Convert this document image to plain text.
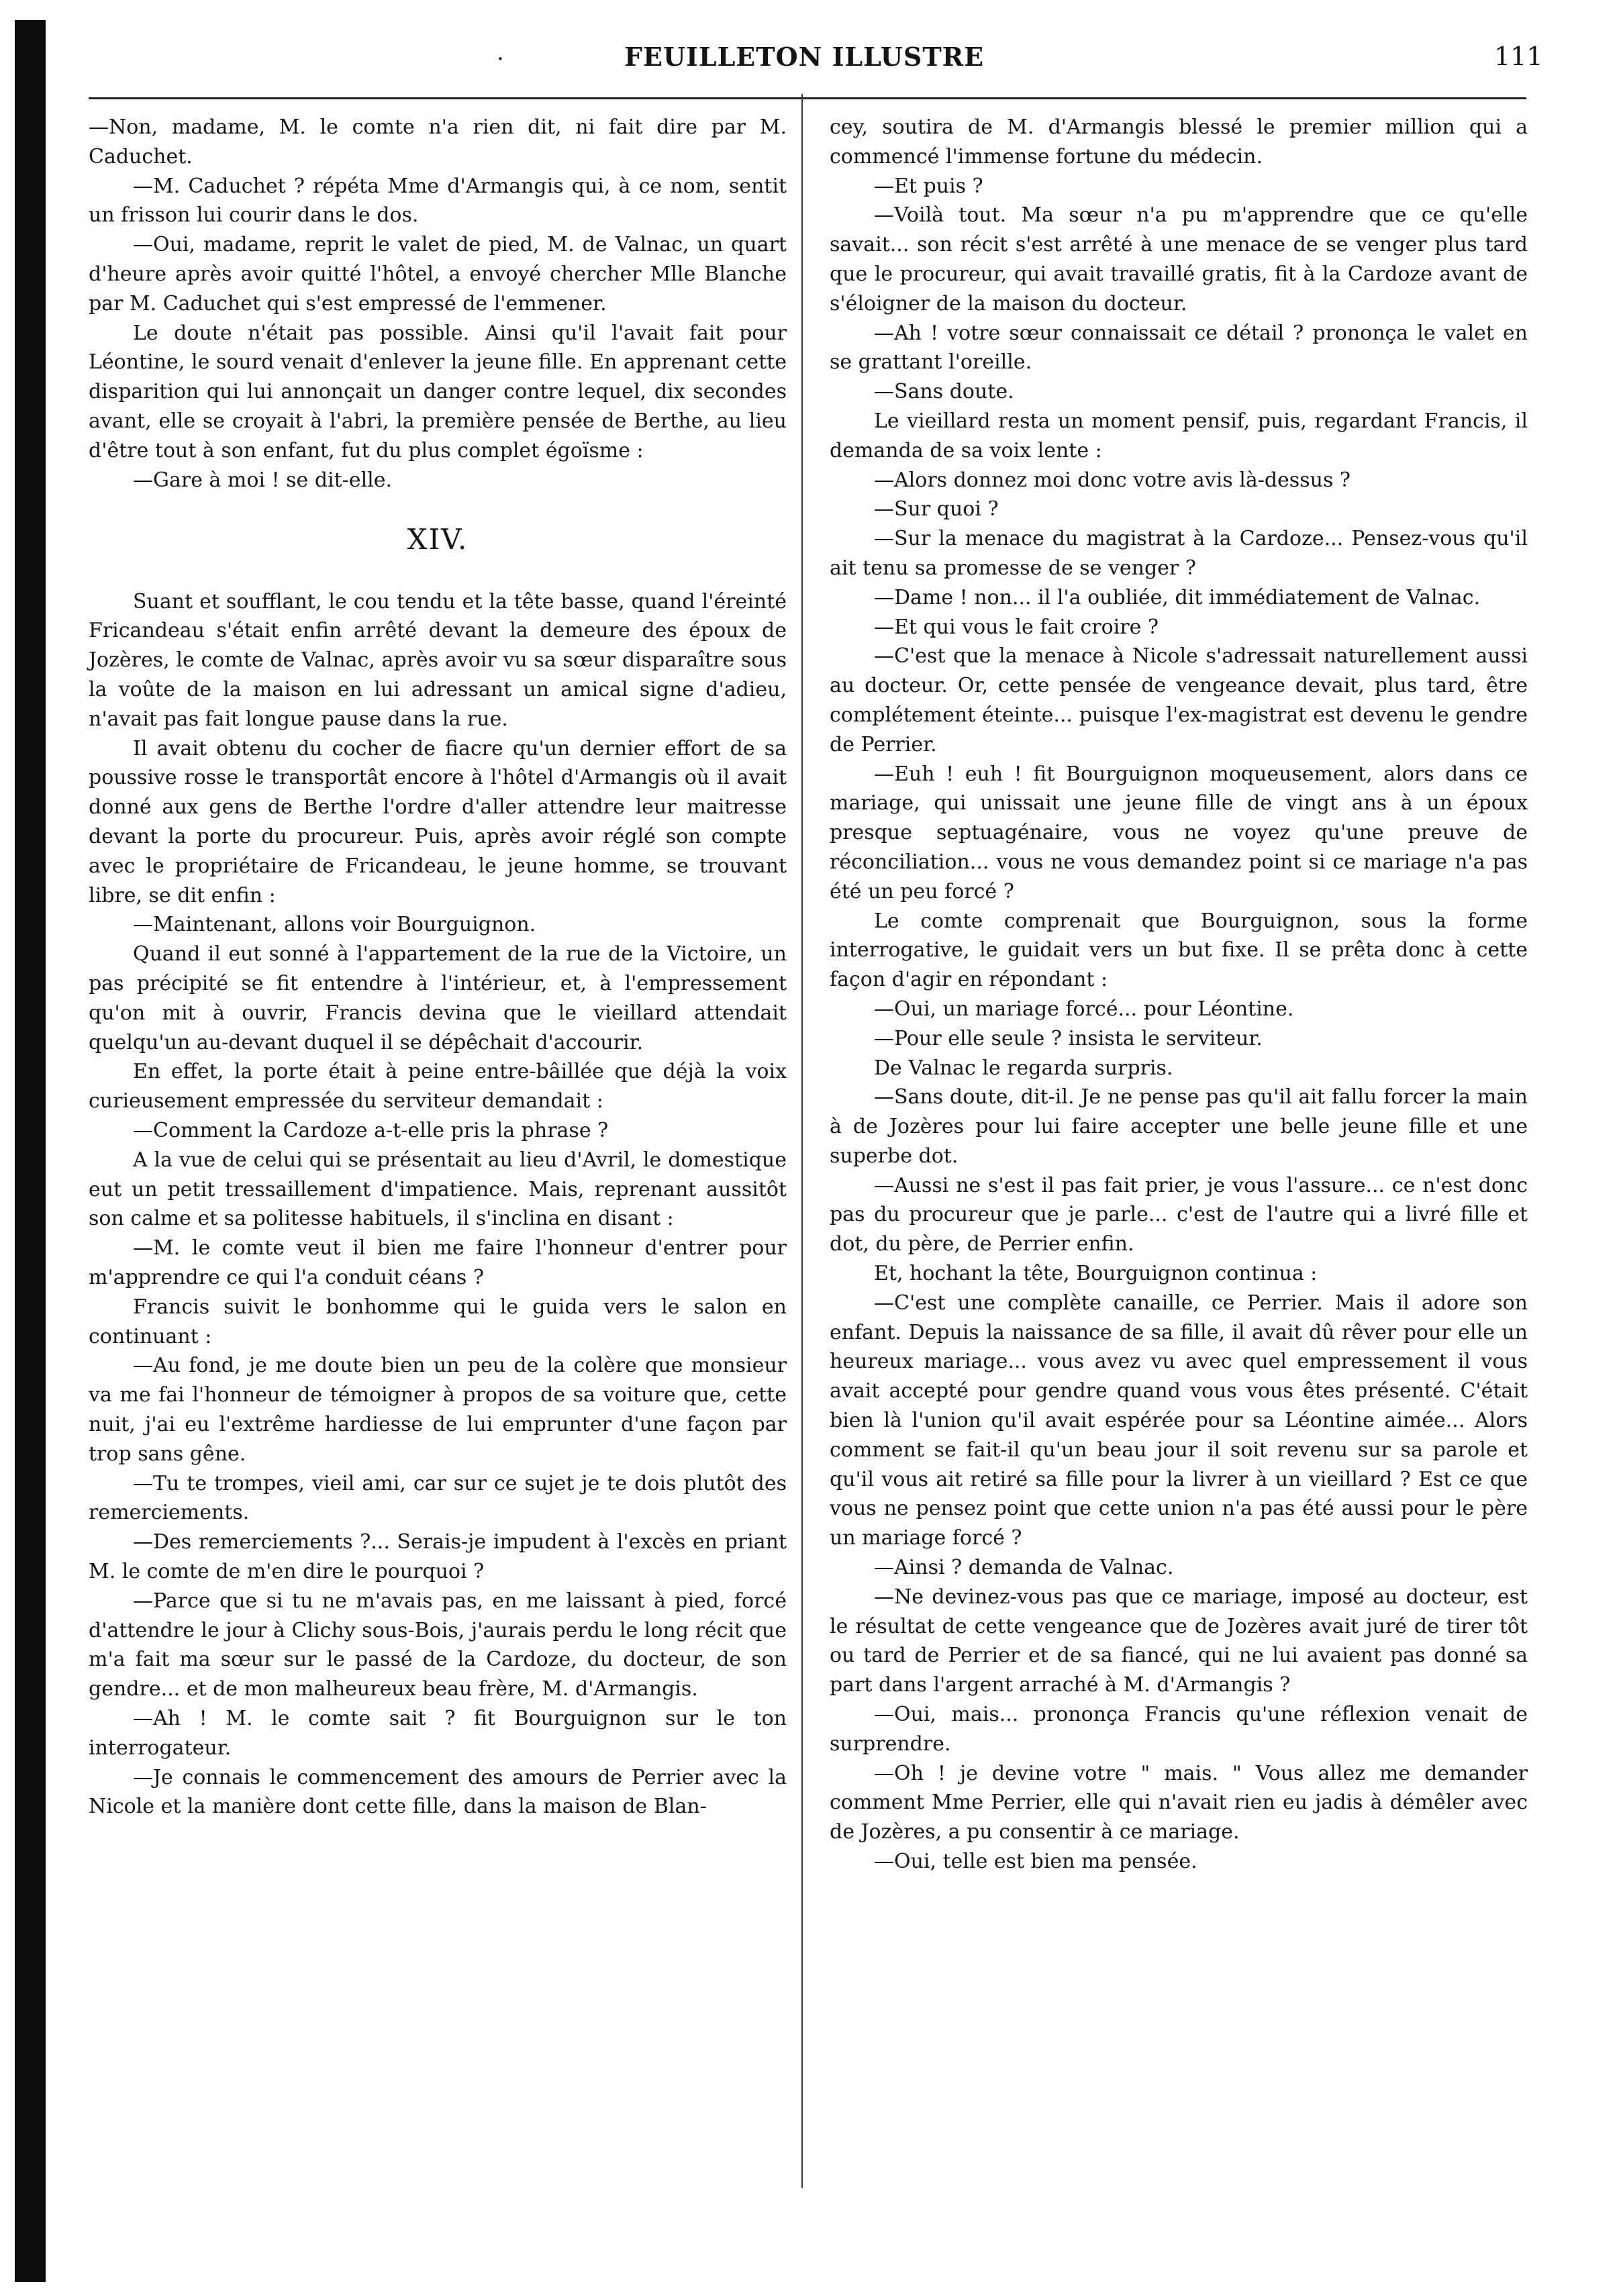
·	FEUILLETON ILLUSTRE	111

—Non, madame, M. le comte n'a rien dit, ni fait dire par M. Caduchet.

—M. Caduchet ? répéta Mme d'Armangis qui, à ce nom, sentit un frisson lui courir dans le dos.

—Oui, madame, reprit le valet de pied, M. de Valnac, un quart d'heure après avoir quitté l'hôtel, a envoyé chercher Mlle Blanche par M. Caduchet qui s'est empressé de l'emmener.

Le doute n'était pas possible. Ainsi qu'il l'avait fait pour Léontine, le sourd venait d'enlever la jeune fille. En apprenant cette disparition qui lui annonçait un danger contre lequel, dix secondes avant, elle se croyait à l'abri, la première pensée de Berthe, au lieu d'être tout à son enfant, fut du plus complet égoïsme :

—Gare à moi ! se dit-elle.

XIV.

Suant et soufflant, le cou tendu et la tête basse, quand l'éreinté Fricandeau s'était enfin arrêté devant la demeure des époux de Jozères, le comte de Valnac, après avoir vu sa sœur disparaître sous la voûte de la maison en lui adressant un amical signe d'adieu, n'avait pas fait longue pause dans la rue.

Il avait obtenu du cocher de fiacre qu'un dernier effort de sa poussive rosse le transportât encore à l'hôtel d'Armangis où il avait donné aux gens de Berthe l'ordre d'aller attendre leur maitresse devant la porte du procureur. Puis, après avoir réglé son compte avec le propriétaire de Fricandeau, le jeune homme, se trouvant libre, se dit enfin :

—Maintenant, allons voir Bourguignon.

Quand il eut sonné à l'appartement de la rue de la Victoire, un pas précipité se fit entendre à l'intérieur, et, à l'empressement qu'on mit à ouvrir, Francis devina que le vieillard attendait quelqu'un au-devant duquel il se dépêchait d'accourir.

En effet, la porte était à peine entre-bâillée que déjà la voix curieusement empressée du serviteur demandait :

—Comment la Cardoze a-t-elle pris la phrase ?

A la vue de celui qui se présentait au lieu d'Avril, le domestique eut un petit tressaillement d'impatience. Mais, reprenant aussitôt son calme et sa politesse habituels, il s'inclina en disant :

—M. le comte veut il bien me faire l'honneur d'entrer pour m'apprendre ce qui l'a conduit céans ?

Francis suivit le bonhomme qui le guida vers le salon en continuant :

—Au fond, je me doute bien un peu de la colère que monsieur va me fai l'honneur de témoigner à propos de sa voiture que, cette nuit, j'ai eu l'extrême hardiesse de lui emprunter d'une façon par trop sans gêne.

—Tu te trompes, vieil ami, car sur ce sujet je te dois plutôt des remerciements.

—Des remerciements ?... Serais-je impudent à l'excès en priant M. le comte de m'en dire le pourquoi ?

—Parce que si tu ne m'avais pas, en me laissant à pied, forcé d'attendre le jour à Clichy sous-Bois, j'aurais perdu le long récit que m'a fait ma sœur sur le passé de la Cardoze, du docteur, de son gendre... et de mon malheureux beau frère, M. d'Armangis.

—Ah ! M. le comte sait ? fit Bourguignon sur le ton interrogateur.

—Je connais le commencement des amours de Perrier avec la Nicole et la manière dont cette fille, dans la maison de Blan-

cey, soutira de M. d'Armangis blessé le premier million qui a commencé l'immense fortune du médecin.

—Et puis ?

—Voilà tout. Ma sœur n'a pu m'apprendre que ce qu'elle savait... son récit s'est arrêté à une menace de se venger plus tard que le procureur, qui avait travaillé gratis, fit à la Cardoze avant de s'éloigner de la maison du docteur.

—Ah ! votre sœur connaissait ce détail ? prononça le valet en se grattant l'oreille.

—Sans doute.

Le vieillard resta un moment pensif, puis, regardant Francis, il demanda de sa voix lente :

—Alors donnez moi donc votre avis là-dessus ?

—Sur quoi ?

—Sur la menace du magistrat à la Cardoze... Pensez-vous qu'il ait tenu sa promesse de se venger ?

—Dame ! non... il l'a oubliée, dit immédiatement de Valnac.

—Et qui vous le fait croire ?

—C'est que la menace à Nicole s'adressait naturellement aussi au docteur. Or, cette pensée de vengeance devait, plus tard, être complétement éteinte... puisque l'ex-magistrat est devenu le gendre de Perrier.

—Euh ! euh ! fit Bourguignon moqueusement, alors dans ce mariage, qui unissait une jeune fille de vingt ans à un époux presque septuagénaire, vous ne voyez qu'une preuve de réconciliation... vous ne vous demandez point si ce mariage n'a pas été un peu forcé ?

Le comte comprenait que Bourguignon, sous la forme interrogative, le guidait vers un but fixe. Il se prêta donc à cette façon d'agir en répondant :

—Oui, un mariage forcé... pour Léontine.

—Pour elle seule ? insista le serviteur.

De Valnac le regarda surpris.

—Sans doute, dit-il. Je ne pense pas qu'il ait fallu forcer la main à de Jozères pour lui faire accepter une belle jeune fille et une superbe dot.

—Aussi ne s'est il pas fait prier, je vous l'assure... ce n'est donc pas du procureur que je parle... c'est de l'autre qui a livré fille et dot, du père, de Perrier enfin.

Et, hochant la tête, Bourguignon continua :

—C'est une complète canaille, ce Perrier. Mais il adore son enfant. Depuis la naissance de sa fille, il avait dû rêver pour elle un heureux mariage... vous avez vu avec quel empressement il vous avait accepté pour gendre quand vous vous êtes présenté. C'était bien là l'union qu'il avait espérée pour sa Léontine aimée... Alors comment se fait-il qu'un beau jour il soit revenu sur sa parole et qu'il vous ait retiré sa fille pour la livrer à un vieillard ? Est ce que vous ne pensez point que cette union n'a pas été aussi pour le père un mariage forcé ?

—Ainsi ? demanda de Valnac.

—Ne devinez-vous pas que ce mariage, imposé au docteur, est le résultat de cette vengeance que de Jozères avait juré de tirer tôt ou tard de Perrier et de sa fiancé, qui ne lui avaient pas donné sa part dans l'argent arraché à M. d'Armangis ?

—Oui, mais... prononça Francis qu'une réflexion venait de surprendre.

—Oh ! je devine votre " mais. " Vous allez me demander comment Mme Perrier, elle qui n'avait rien eu jadis à démêler avec de Jozères, a pu consentir à ce mariage.

—Oui, telle est bien ma pensée.
